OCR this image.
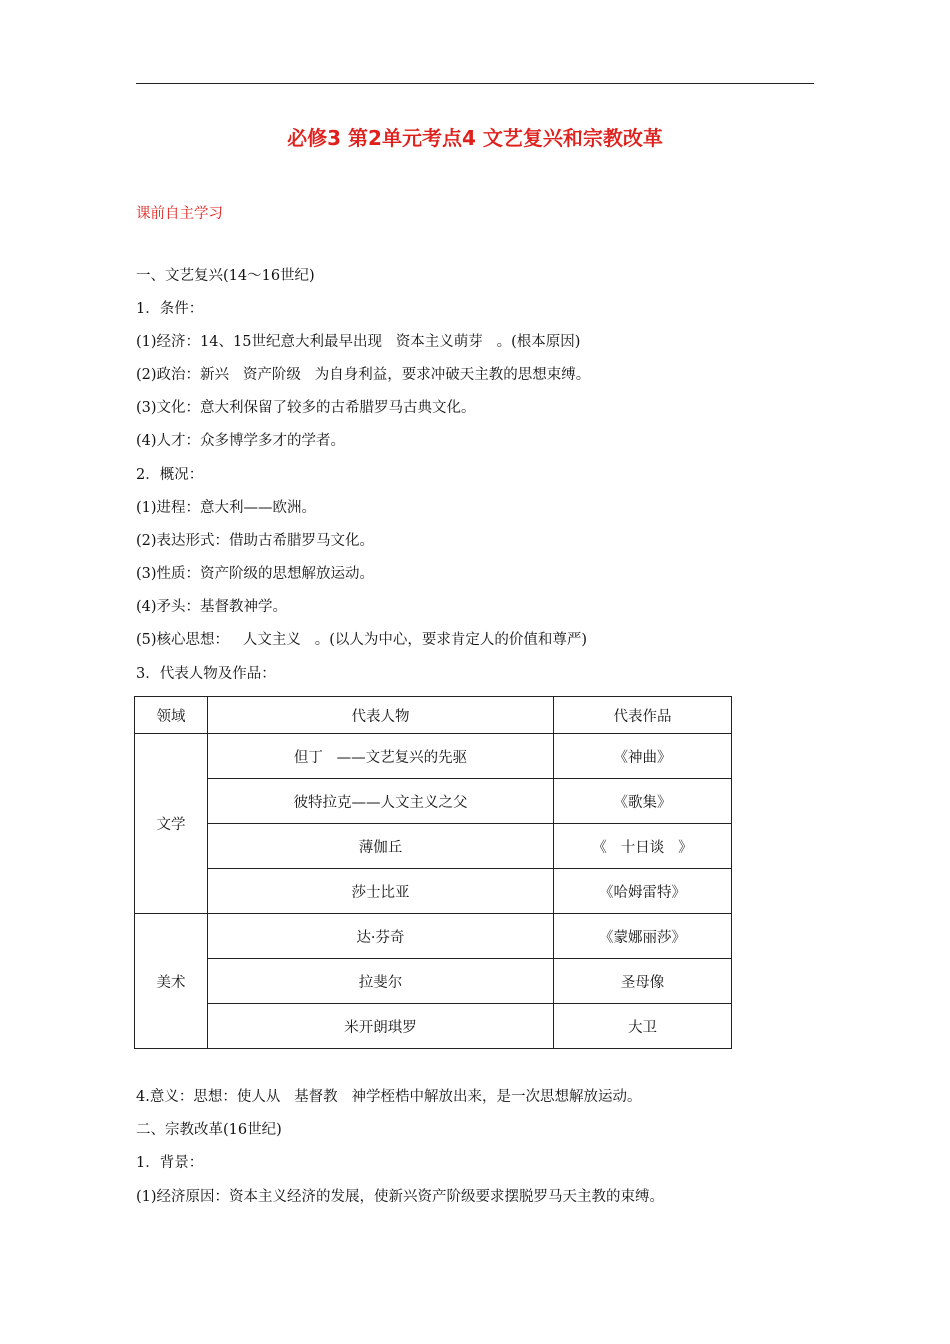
必修3 第2单元考点4 文艺复兴和宗教改革
课前自主学习
一、文艺复兴(14～16世纪)
1．条件：
(1)经济：14、15世纪意大利最早出现   资本主义萌芽   。(根本原因)
(2)政治：新兴   资产阶级   为自身利益，要求冲破天主教的思想束缚。
(3)文化：意大利保留了较多的古希腊罗马古典文化。
(4)人才：众多博学多才的学者。
2．概况：
(1)进程：意大利——欧洲。
(2)表达形式：借助古希腊罗马文化。
(3)性质：资产阶级的思想解放运动。
(4)矛头：基督教神学。
(5)核心思想：   人文主义   。(以人为中心，要求肯定人的价值和尊严)
3．代表人物及作品：
领域	代表人物	代表作品
文学	但丁   ——文艺复兴的先驱	《神曲》
	彼特拉克——人文主义之父	《歌集》
	薄伽丘	《   十日谈   》
	莎士比亚	《哈姆雷特》
美术	达·芬奇	《蒙娜丽莎》
	拉斐尔	圣母像
	米开朗琪罗	大卫
4.意义：思想：使人从   基督教   神学桎梏中解放出来，是一次思想解放运动。
二、宗教改革(16世纪)
1．背景：
(1)经济原因：资本主义经济的发展，使新兴资产阶级要求摆脱罗马天主教的束缚。
